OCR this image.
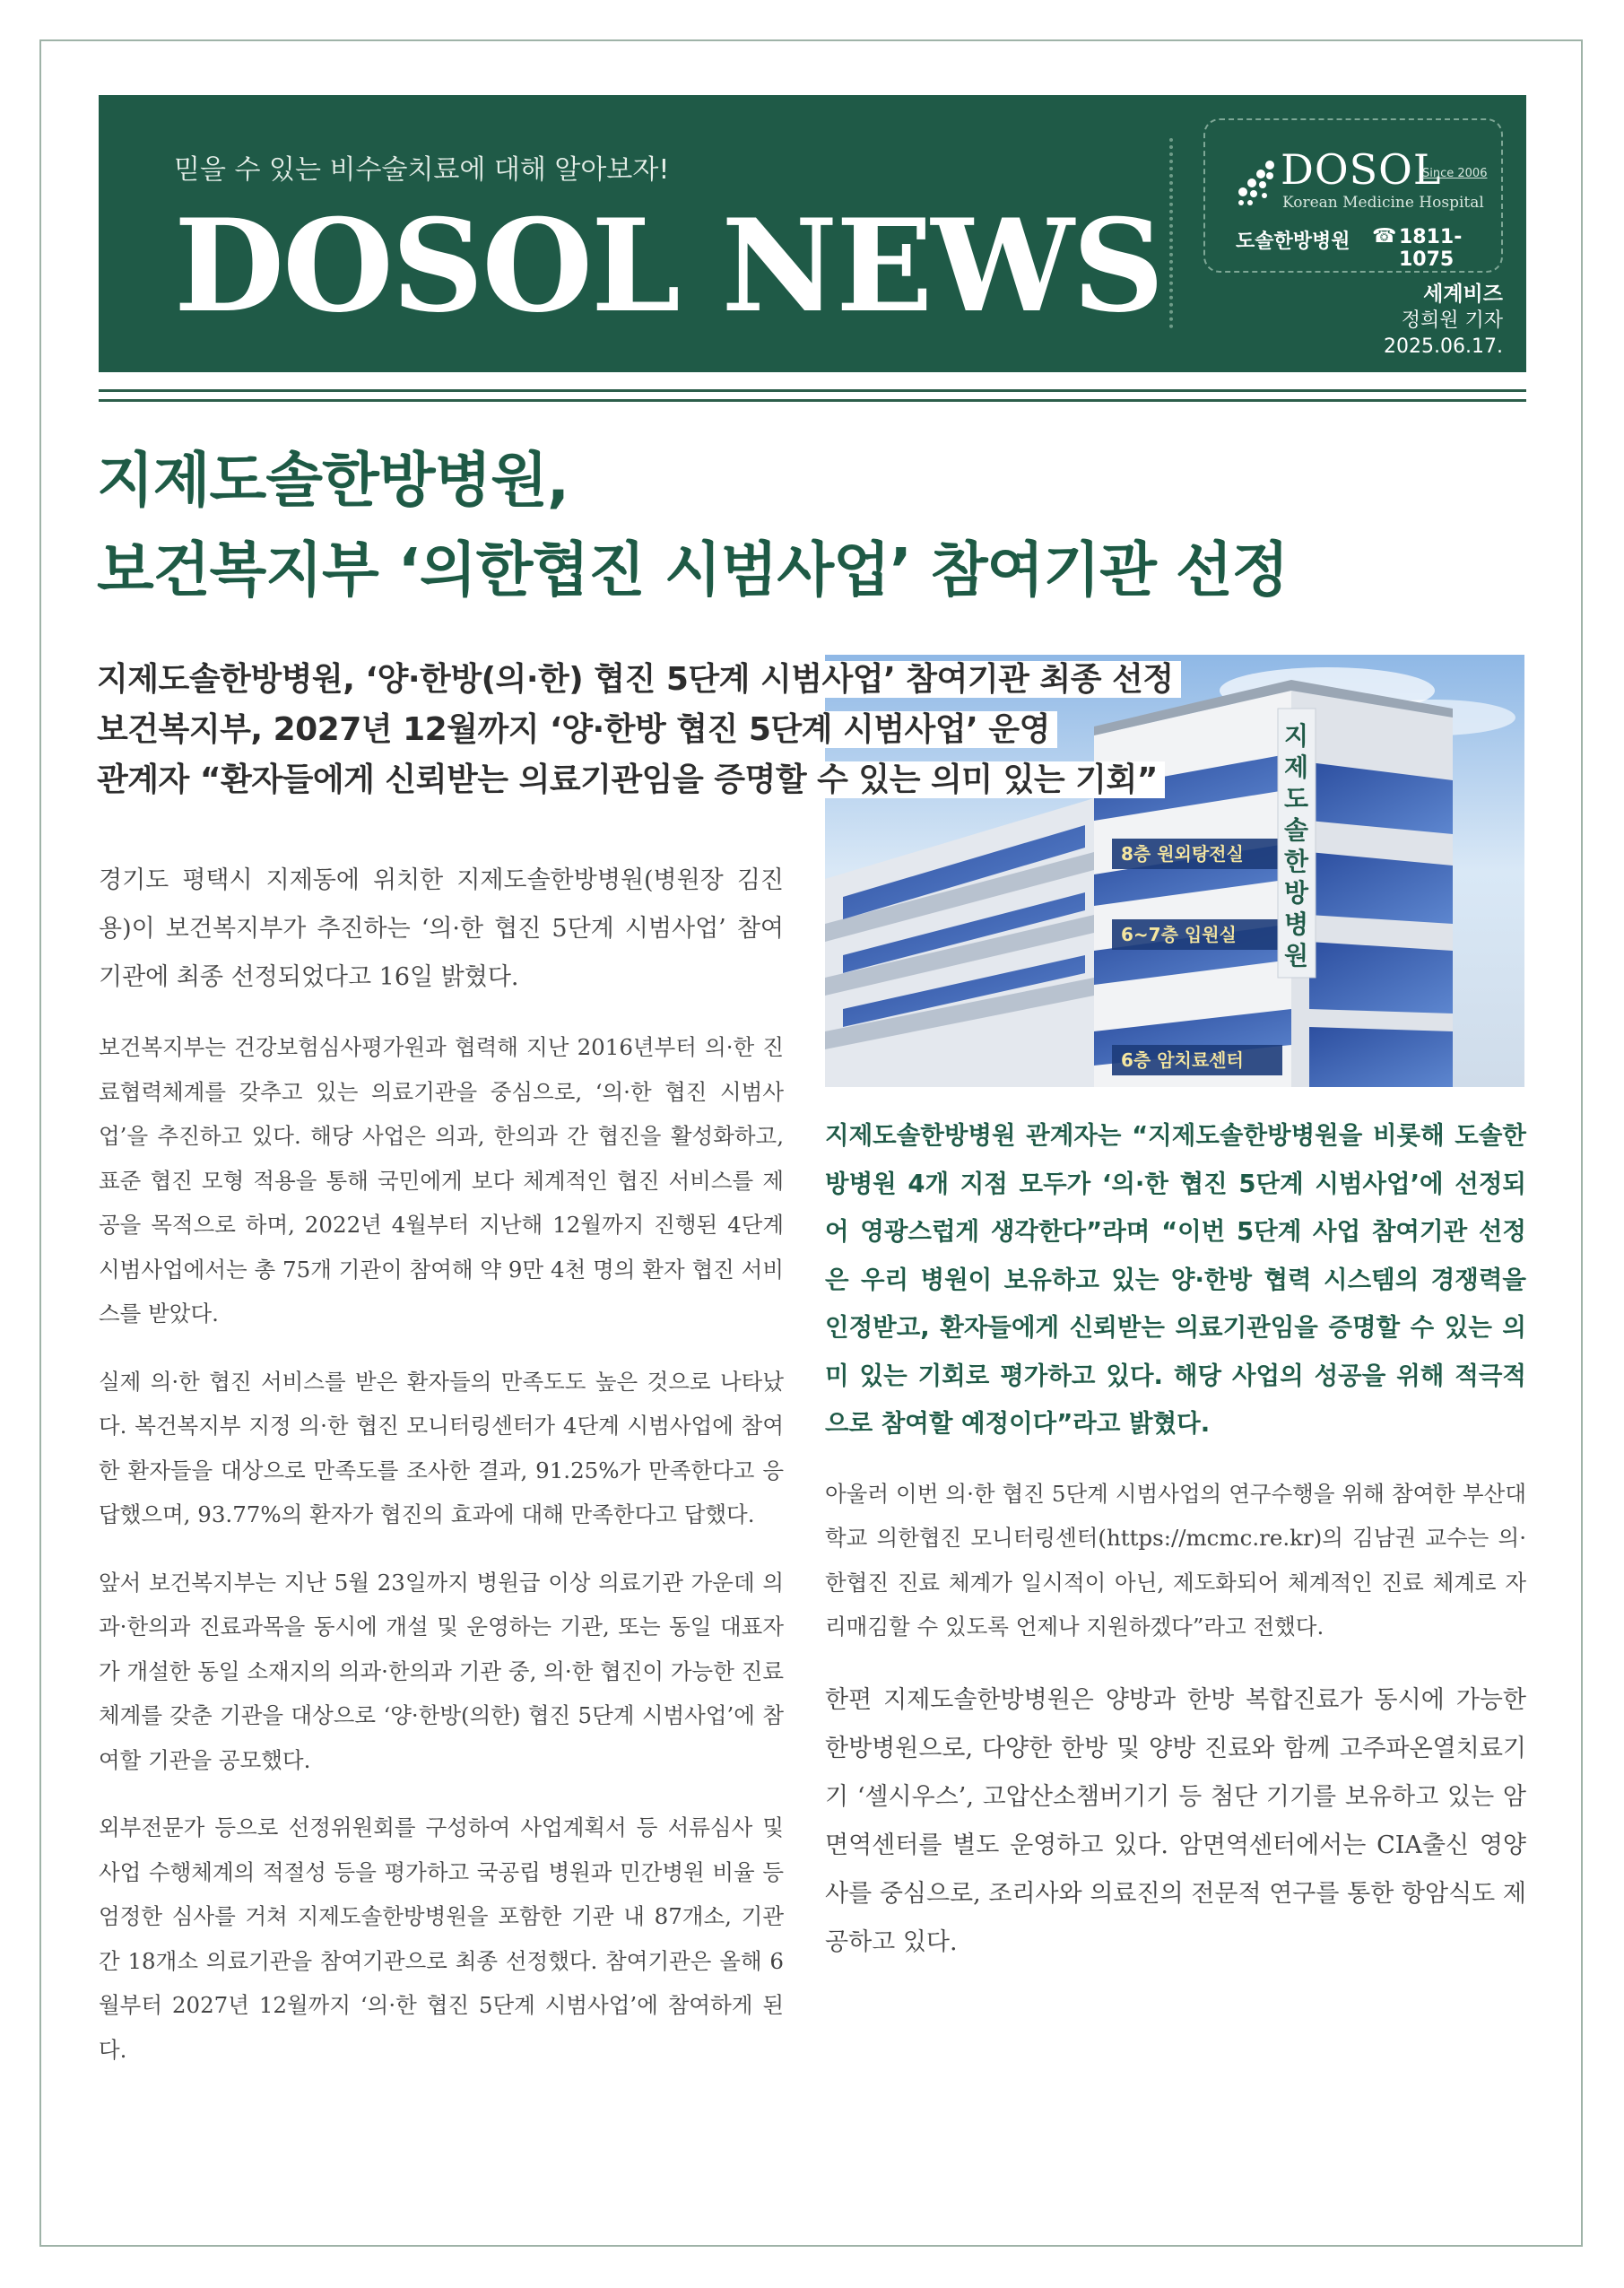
믿을 수 있는 비수술치료에 대해 알아보자!
DOSOL NEWS
DOSOL
Since 2006
Korean Medicine Hospital
도솔한방병원 ☎ 1811-1075
세계비즈
정희원 기자
2025.06.17.
지제도솔한방병원,
보건복지부 ‘의한협진 시범사업’ 참여기관 선정
8층 원외탕전실
6~7층 입원실
6층 암치료센터
지
제
도
솔
한
방
병
원
지제도솔한방병원, ‘양·한방(의·한) 협진 5단계 시범사업’ 참여기관 최종 선정
보건복지부, 2027년 12월까지 ‘양·한방 협진 5단계 시범사업’ 운영
관계자 “환자들에게 신뢰받는 의료기관임을 증명할 수 있는 의미 있는 기회”

경기도 평택시 지제동에 위치한 지제도솔한방병원(병원장 김진용)이 보건복지부가 추진하는 ‘의·한 협진 5단계 시범사업’ 참여기관에 최종 선정되었다고 16일 밝혔다.

보건복지부는 건강보험심사평가원과 협력해 지난 2016년부터 의·한 진료협력체계를 갖추고 있는 의료기관을 중심으로, ‘의·한 협진 시범사업’을 추진하고 있다. 해당 사업은 의과, 한의과 간 협진을 활성화하고, 표준 협진 모형 적용을 통해 국민에게 보다 체계적인 협진 서비스를 제공을 목적으로 하며, 2022년 4월부터 지난해 12월까지 진행된 4단계 시범사업에서는 총 75개 기관이 참여해 약 9만 4천 명의 환자 협진 서비스를 받았다.

실제 의·한 협진 서비스를 받은 환자들의 만족도도 높은 것으로 나타났다. 복건복지부 지정 의·한 협진 모니터링센터가 4단계 시범사업에 참여한 환자들을 대상으로 만족도를 조사한 결과, 91.25%가 만족한다고 응답했으며, 93.77%의 환자가 협진의 효과에 대해 만족한다고 답했다.

앞서 보건복지부는 지난 5월 23일까지 병원급 이상 의료기관 가운데 의과·한의과 진료과목을 동시에 개설 및 운영하는 기관, 또는 동일 대표자가 개설한 동일 소재지의 의과·한의과 기관 중, 의·한 협진이 가능한 진료체계를 갖춘 기관을 대상으로 ‘양·한방(의한) 협진 5단계 시범사업’에 참여할 기관을 공모했다.

외부전문가 등으로 선정위원회를 구성하여 사업계획서 등 서류심사 및 사업 수행체계의 적절성 등을 평가하고 국공립 병원과 민간병원 비율 등 엄정한 심사를 거쳐 지제도솔한방병원을 포함한 기관 내 87개소, 기관 간 18개소 의료기관을 참여기관으로 최종 선정했다. 참여기관은 올해 6월부터 2027년 12월까지 ‘의·한 협진 5단계 시범사업’에 참여하게 된다.

지제도솔한방병원 관계자는 “지제도솔한방병원을 비롯해 도솔한방병원 4개 지점 모두가 ‘의·한 협진 5단계 시범사업’에 선정되어 영광스럽게 생각한다”라며 “이번 5단계 사업 참여기관 선정은 우리 병원이 보유하고 있는 양·한방 협력 시스템의 경쟁력을 인정받고, 환자들에게 신뢰받는 의료기관임을 증명할 수 있는 의미 있는 기회로 평가하고 있다. 해당 사업의 성공을 위해 적극적으로 참여할 예정이다”라고 밝혔다.

아울러 이번 의·한 협진 5단계 시범사업의 연구수행을 위해 참여한 부산대학교 의한협진 모니터링센터(https://mcmc.re.kr)의 김남권 교수는 의·한협진 진료 체계가 일시적이 아닌, 제도화되어 체계적인 진료 체계로 자리매김할 수 있도록 언제나 지원하겠다”라고 전했다.

한편 지제도솔한방병원은 양방과 한방 복합진료가 동시에 가능한 한방병원으로, 다양한 한방 및 양방 진료와 함께 고주파온열치료기기 ‘셀시우스’, 고압산소챔버기기 등 첨단 기기를 보유하고 있는 암면역센터를 별도 운영하고 있다. 암면역센터에서는 CIA출신 영양사를 중심으로, 조리사와 의료진의 전문적 연구를 통한 항암식도 제공하고 있다.
